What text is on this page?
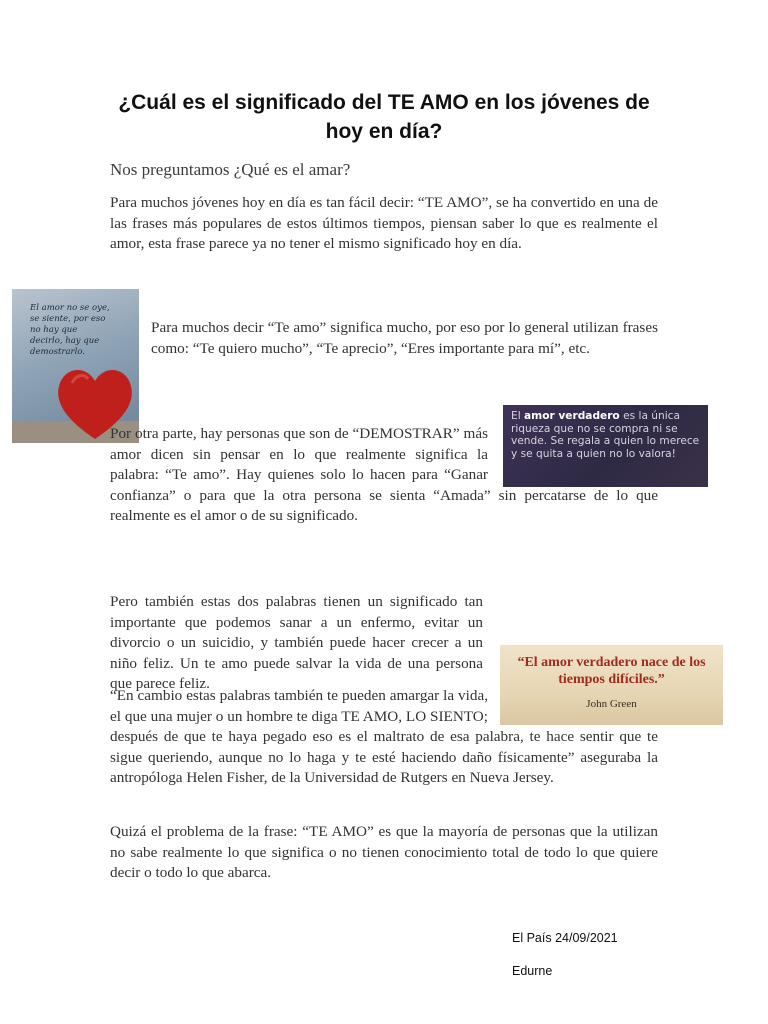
¿Cuál es el significado del TE AMO en los jóvenes de hoy en día?

Nos preguntamos ¿Qué es el amar?

Para muchos jóvenes hoy en día es tan fácil decir: “TE AMO”, se ha convertido en una de las frases más populares de estos últimos tiempos, piensan saber lo que es realmente el amor, esta frase parece ya no tener el mismo significado hoy en día.

El amor no se oye, se siente, por eso no hay que decirlo, hay que demostrarlo.

Para muchos decir “Te amo” significa mucho, por eso por lo general utilizan frases como: “Te quiero mucho”, “Te aprecio”, “Eres importante para mí”, etc.

Por otra parte, hay personas que son de “DEMOSTRAR” más amor dicen sin pensar en lo que realmente significa la palabra: “Te amo”. Hay quienes solo lo hacen para “Ganar confianza” o para que la otra persona se sienta “Amada” sin percatarse de lo que realmente es el amor o de su significado.
El amor verdadero es la única riqueza que no se compra ni se vende. Se regala a quien lo merece y se quita a quien no lo valora!
Pero también estas dos palabras tienen un significado tan importante que podemos sanar a un enfermo, evitar un divorcio o un suicidio, y también puede hacer crecer a un niño feliz. Un te amo puede salvar la vida de una persona que parece feliz.
“El amor verdadero nace de los tiempos difíciles.”
John Green
“En cambio estas palabras también te pueden amargar la vida, el que una mujer o un hombre te diga TE AMO, LO SIENTO; después de que te haya pegado eso es el maltrato de esa palabra, te hace sentir que te sigue queriendo, aunque no lo haga y te esté haciendo daño físicamente” aseguraba la antropóloga Helen Fisher, de la Universidad de Rutgers en Nueva Jersey.

Quizá el problema de la frase: “TE AMO” es que la mayoría de personas que la utilizan no sabe realmente lo que significa o no tienen conocimiento total de todo lo que quiere decir o todo lo que abarca.

El País 24/09/2021

Edurne
